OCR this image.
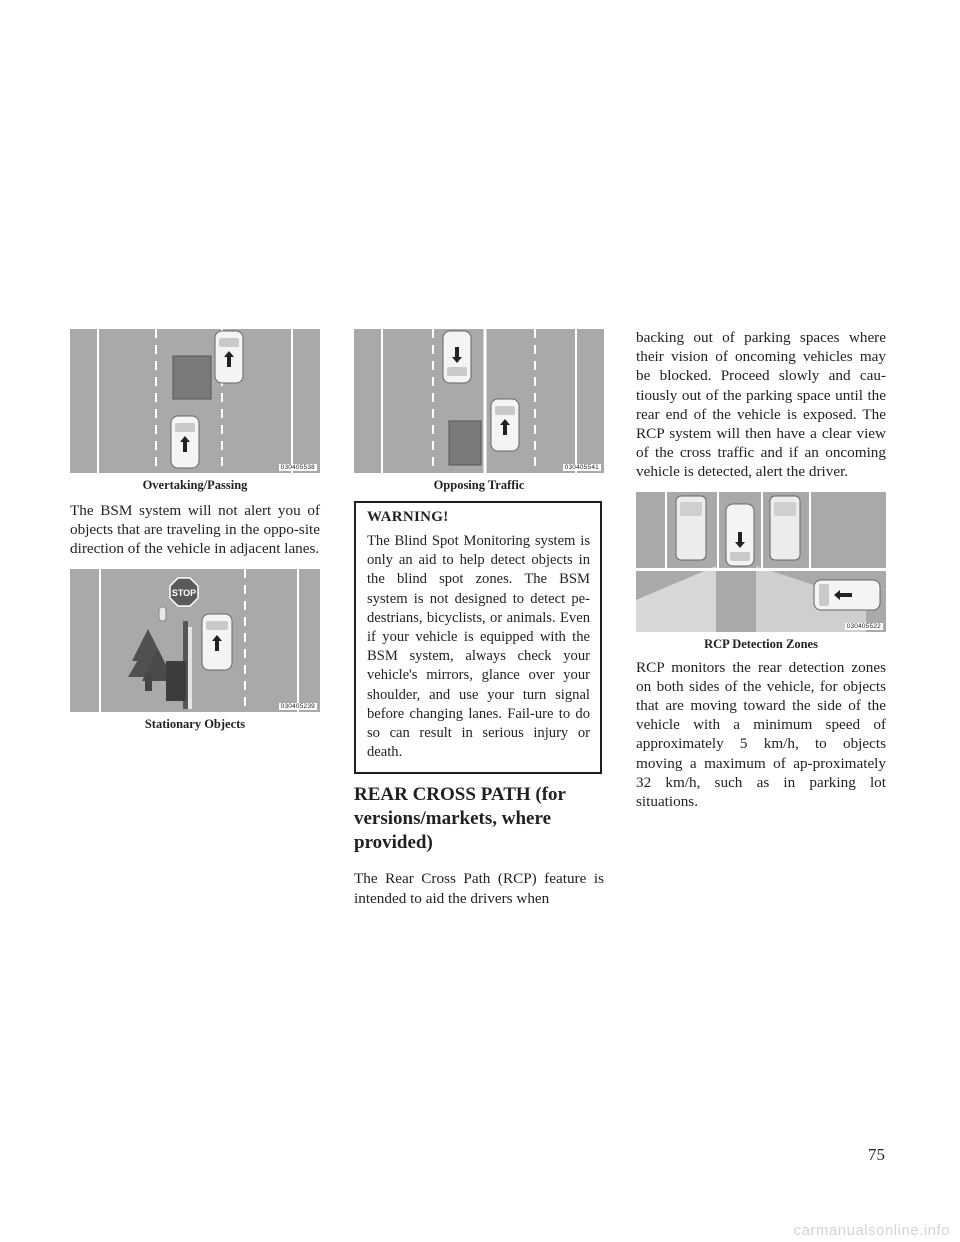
030405538
Overtaking/Passing

The BSM system will not alert you of objects that are traveling in the oppo-site direction of the vehicle in adjacent lanes.

STOP
030405239
Stationary Objects
030405541
Opposing Traffic
WARNING!

The Blind Spot Monitoring system is only an aid to help detect objects in the blind spot zones. The BSM system is not designed to detect pe-destrians, bicyclists, or animals. Even if your vehicle is equipped with the BSM system, always check your vehicle's mirrors, glance over your shoulder, and use your turn signal before changing lanes. Fail-ure to do so can result in serious injury or death.

REAR CROSS PATH (for versions/markets, where provided)

The Rear Cross Path (RCP) feature is intended to aid the drivers when

backing out of parking spaces where their vision of oncoming vehicles may be blocked. Proceed slowly and cau-tiously out of the parking space until the rear end of the vehicle is exposed. The RCP system will then have a clear view of the cross traffic and if an oncoming vehicle is detected, alert the driver.

030405522
RCP Detection Zones

RCP monitors the rear detection zones on both sides of the vehicle, for objects that are moving toward the side of the vehicle with a minimum speed of approximately 5 km/h, to objects moving a maximum of ap-proximately 32 km/h, such as in parking lot situations.

75
carmanualsonline.info
